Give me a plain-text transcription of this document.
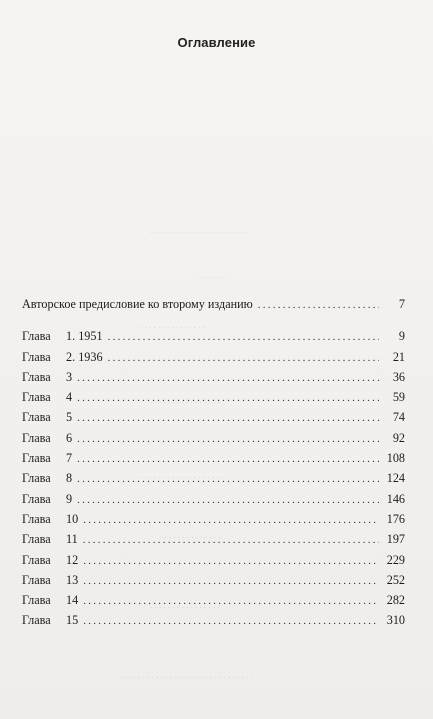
. . . . . . . . . . . . . . . . . . . . . . . . . .
. . . . . . . .
. . . . . . . . . . . . . . .
. . . . . . . . . . . . . . . .
. . . . . . . . . . . . . . . . . . .
. . . . . . . . . . . . . .
. . . . . . . . . . . . . . . .
. . . . . . . . . . . . . . . . . . . . . . . . . . . . . .
Оглавление
Авторское предисловие ко второму изданию . . .	7
Глава	1. 1951 . . .	9
Глава	2. 1936 . . .	21
Глава	3 . . .	36
Глава	4 . . .	59
Глава	5 . . .	74
Глава	6 . . .	92
Глава	7 . . .	108
Глава	8 . . .	124
Глава	9 . . .	146
Глава	10 . . .	176
Глава	11 . . .	197
Глава	12 . . .	229
Глава	13 . . .	252
Глава	14 . . .	282
Глава	15 . . .	310
